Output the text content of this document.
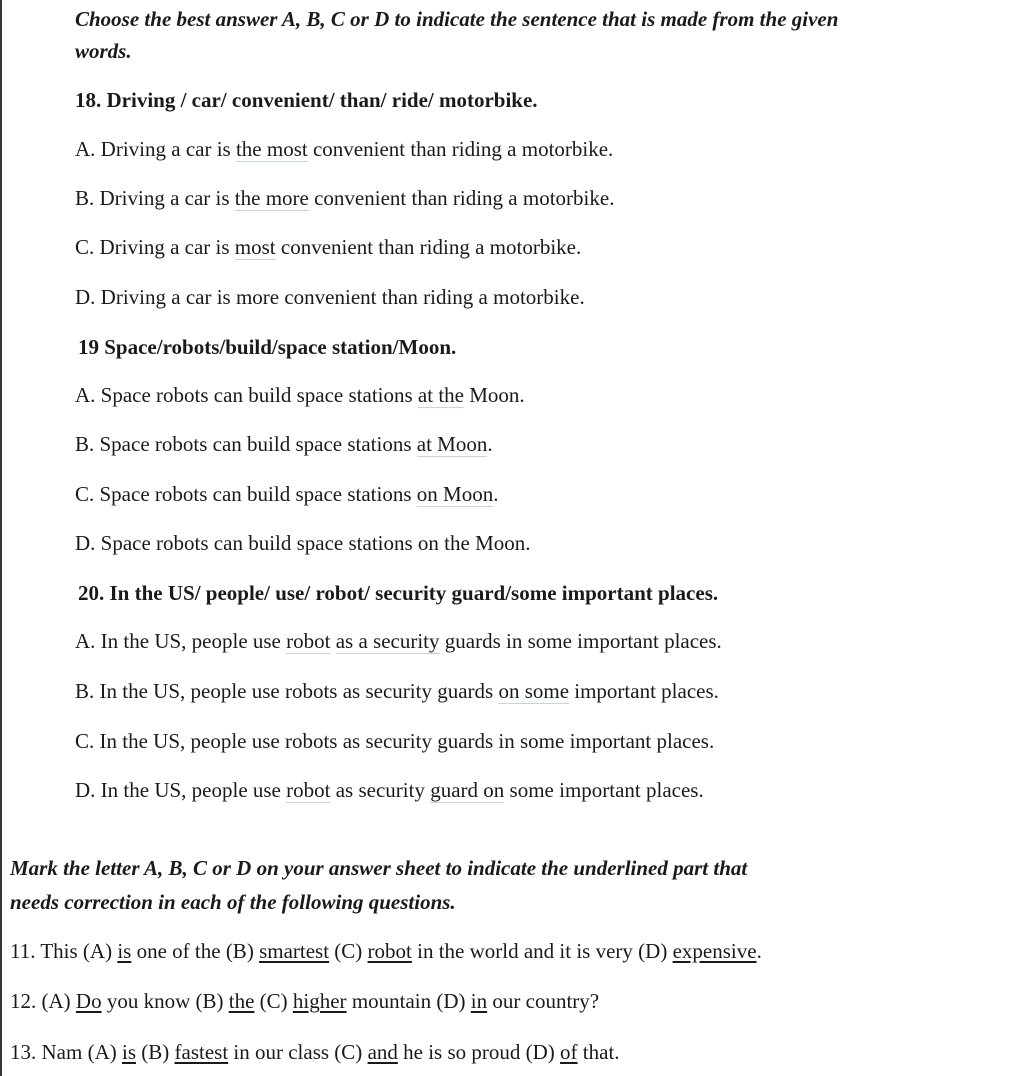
Choose the best answer A, B, C or D to indicate the sentence that is made from the given
words.
18. Driving / car/ convenient/ than/ ride/ motorbike.
A. Driving a car is the most convenient than riding a motorbike.
B. Driving a car is the more convenient than riding a motorbike.
C. Driving a car is most convenient than riding a motorbike.
D. Driving a car is more convenient than riding a motorbike.
19 Space/robots/build/space station/Moon.
A. Space robots can build space stations at the Moon.
B. Space robots can build space stations at Moon.
C. Space robots can build space stations on Moon.
D. Space robots can build space stations on the Moon.
20. In the US/ people/ use/ robot/ security guard/some important places.
A. In the US, people use robot as a security guards in some important places.
B. In the US, people use robots as security guards on some important places.
C. In the US, people use robots as security guards in some important places.
D. In the US, people use robot as security guard on some important places.
Mark the letter A, B, C or D on your answer sheet to indicate the underlined part that
needs correction in each of the following questions.
11. This (A) is one of the (B) smartest (C) robot in the world and it is very (D) expensive.
12. (A) Do you know (B) the (C) higher mountain (D) in our country?
13. Nam (A) is (B) fastest in our class (C) and he is so proud (D) of that.
